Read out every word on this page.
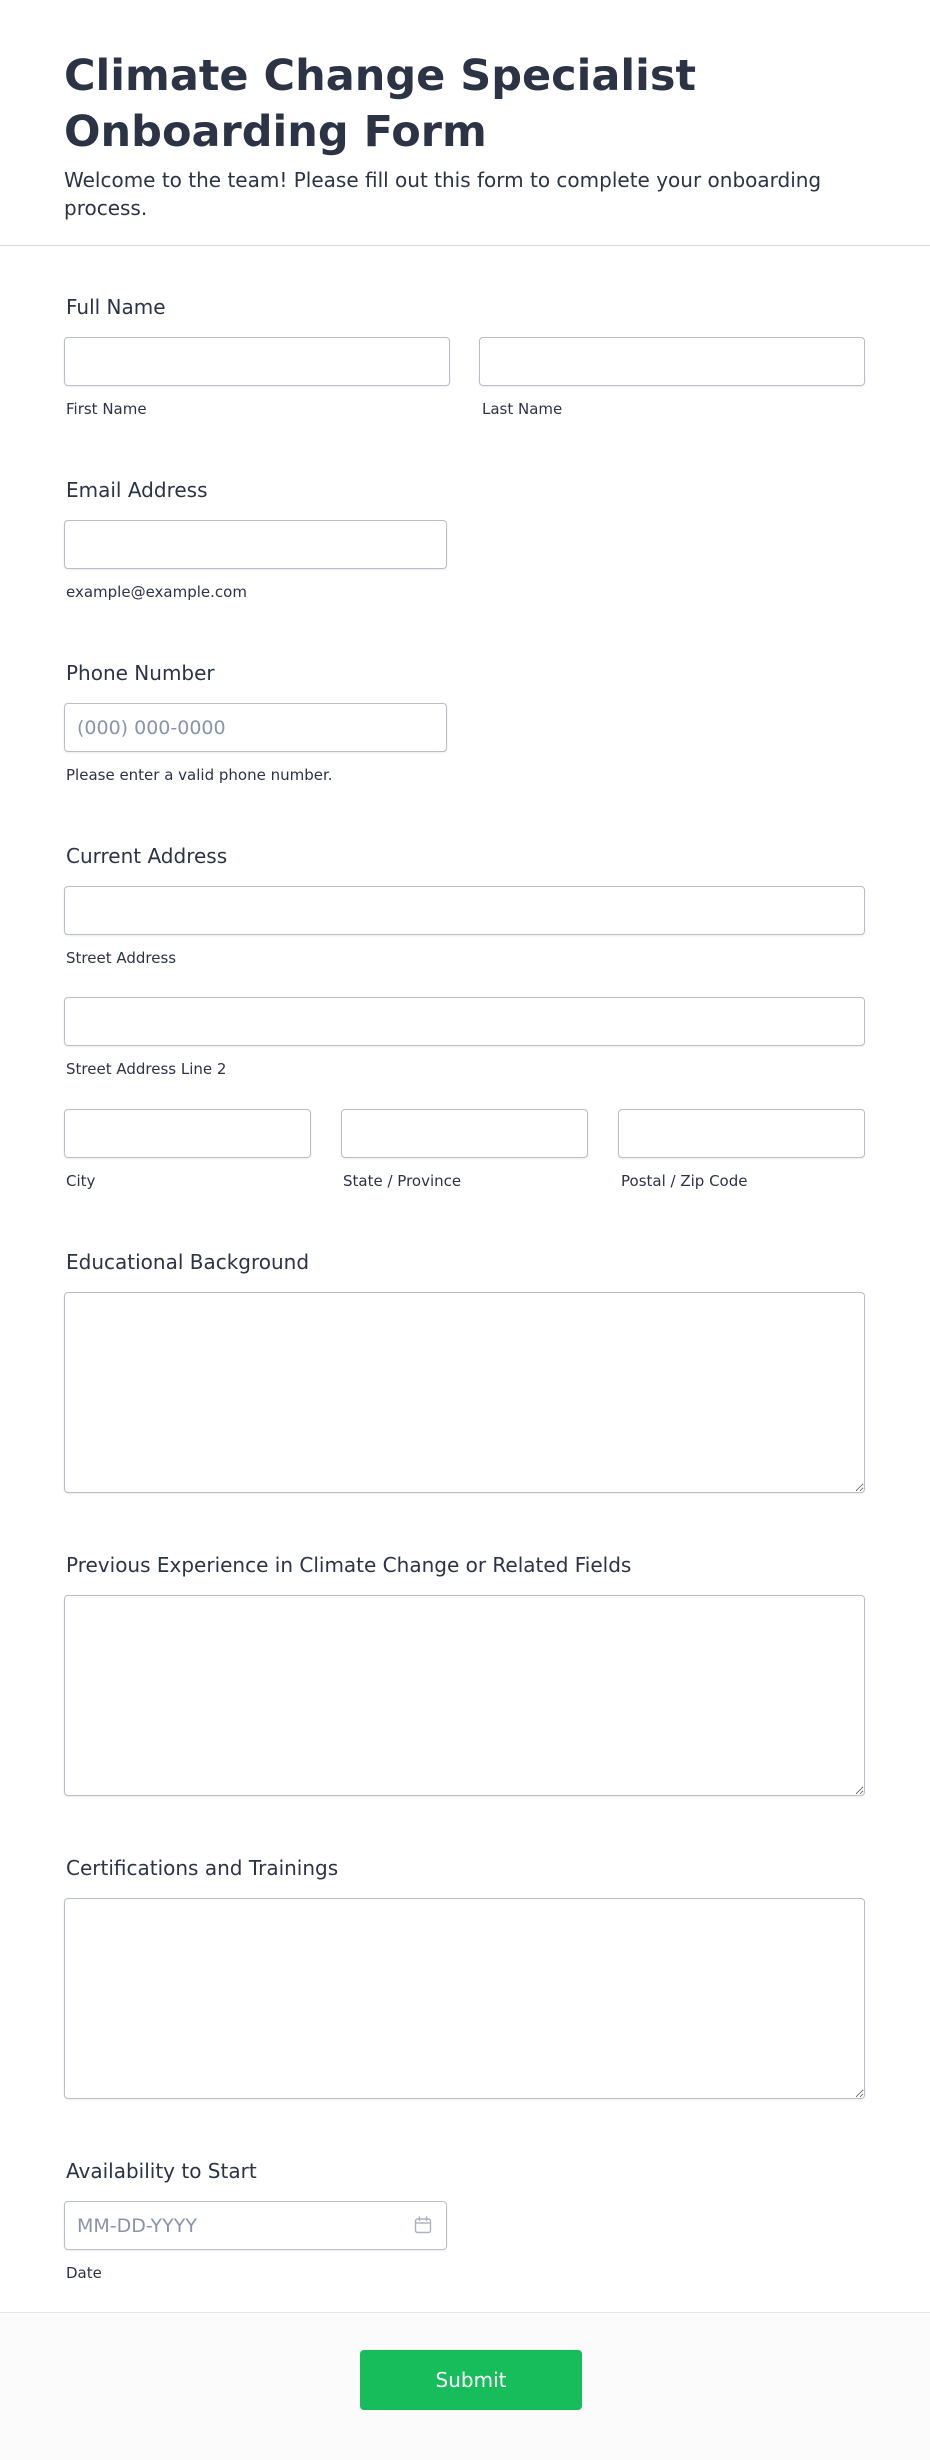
Climate Change Specialist Onboarding Form

Welcome to the team! Please fill out this form to complete your onboarding process.

Full Name
First Name	Last Name
Email Address
example@example.com
Phone Number
(000) 000-0000
Please enter a valid phone number.
Current Address
Street Address
Street Address Line 2
City	State / Province	Postal / Zip Code
Educational Background
Previous Experience in Climate Change or Related Fields
Certifications and Trainings
Availability to Start
MM-DD-YYYY
Date
Submit
